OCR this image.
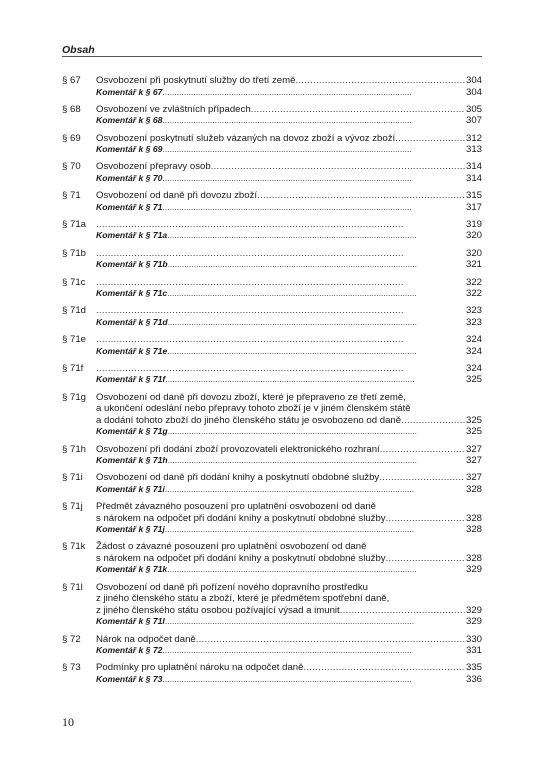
Obsah
§ 67 Osvobození při poskytnutí služby do třetí země . . .	304
Komentář k § 67 . . .	304
§ 68 Osvobození ve zvláštních případech . . .	305
Komentář k § 68 . . .	307
§ 69 Osvobození poskytnutí služeb vázaných na dovoz zboží a vývoz zboží . . .	312
Komentář k § 69 . . .	313
§ 70 Osvobození přepravy osob . . .	314
Komentář k § 70 . . .	314
§ 71 Osvobození od daně při dovozu zboží . . .	315
Komentář k § 71 . . .	317
§ 71a . . .	319
Komentář k § 71a . . .	320
§ 71b . . .	320
Komentář k § 71b . . .	321
§ 71c . . .	322
Komentář k § 71c . . .	322
§ 71d . . .	323
Komentář k § 71d . . .	323
§ 71e . . .	324
Komentář k § 71e . . .	324
§ 71f . . .	324
Komentář k § 71f . . .	325
§ 71g Osvobození od daně při dovozu zboží, které je přepraveno ze třetí země,
a ukončení odeslání nebo přepravy tohoto zboží je v jiném členském státě
a dodání tohoto zboží do jiného členského státu je osvobozeno od daně . . .	325
Komentář k § 71g . . .	325
§ 71h Osvobození při dodání zboží provozovateli elektronického rozhraní . . .	327
Komentář k § 71h . . .	327
§ 71i Osvobození od daně při dodání knihy a poskytnutí obdobné služby . . .	327
Komentář k § 71i . . .	328
§ 71j Předmět závazného posouzení pro uplatnění osvobození od daně
s nárokem na odpočet při dodání knihy a poskytnutí obdobné služby . . .	328
Komentář k § 71j . . .	328
§ 71k Žádost o závazné posouzení pro uplatnění osvobození od daně
s nárokem na odpočet při dodání knihy a poskytnutí obdobné služby . . .	328
Komentář k § 71k . . .	329
§ 71l Osvobození od daně při pořízení nového dopravního prostředku
z jiného členského státu a zboží, které je předmětem spotřební daně,
z jiného členského státu osobou požívající výsad a imunit . . .	329
Komentář k § 71l . . .	329
§ 72 Nárok na odpočet daně . . .	330
Komentář k § 72 . . .	331
§ 73 Podmínky pro uplatnění nároku na odpočet daně . . .	335
Komentář k § 73 . . .	336
10
